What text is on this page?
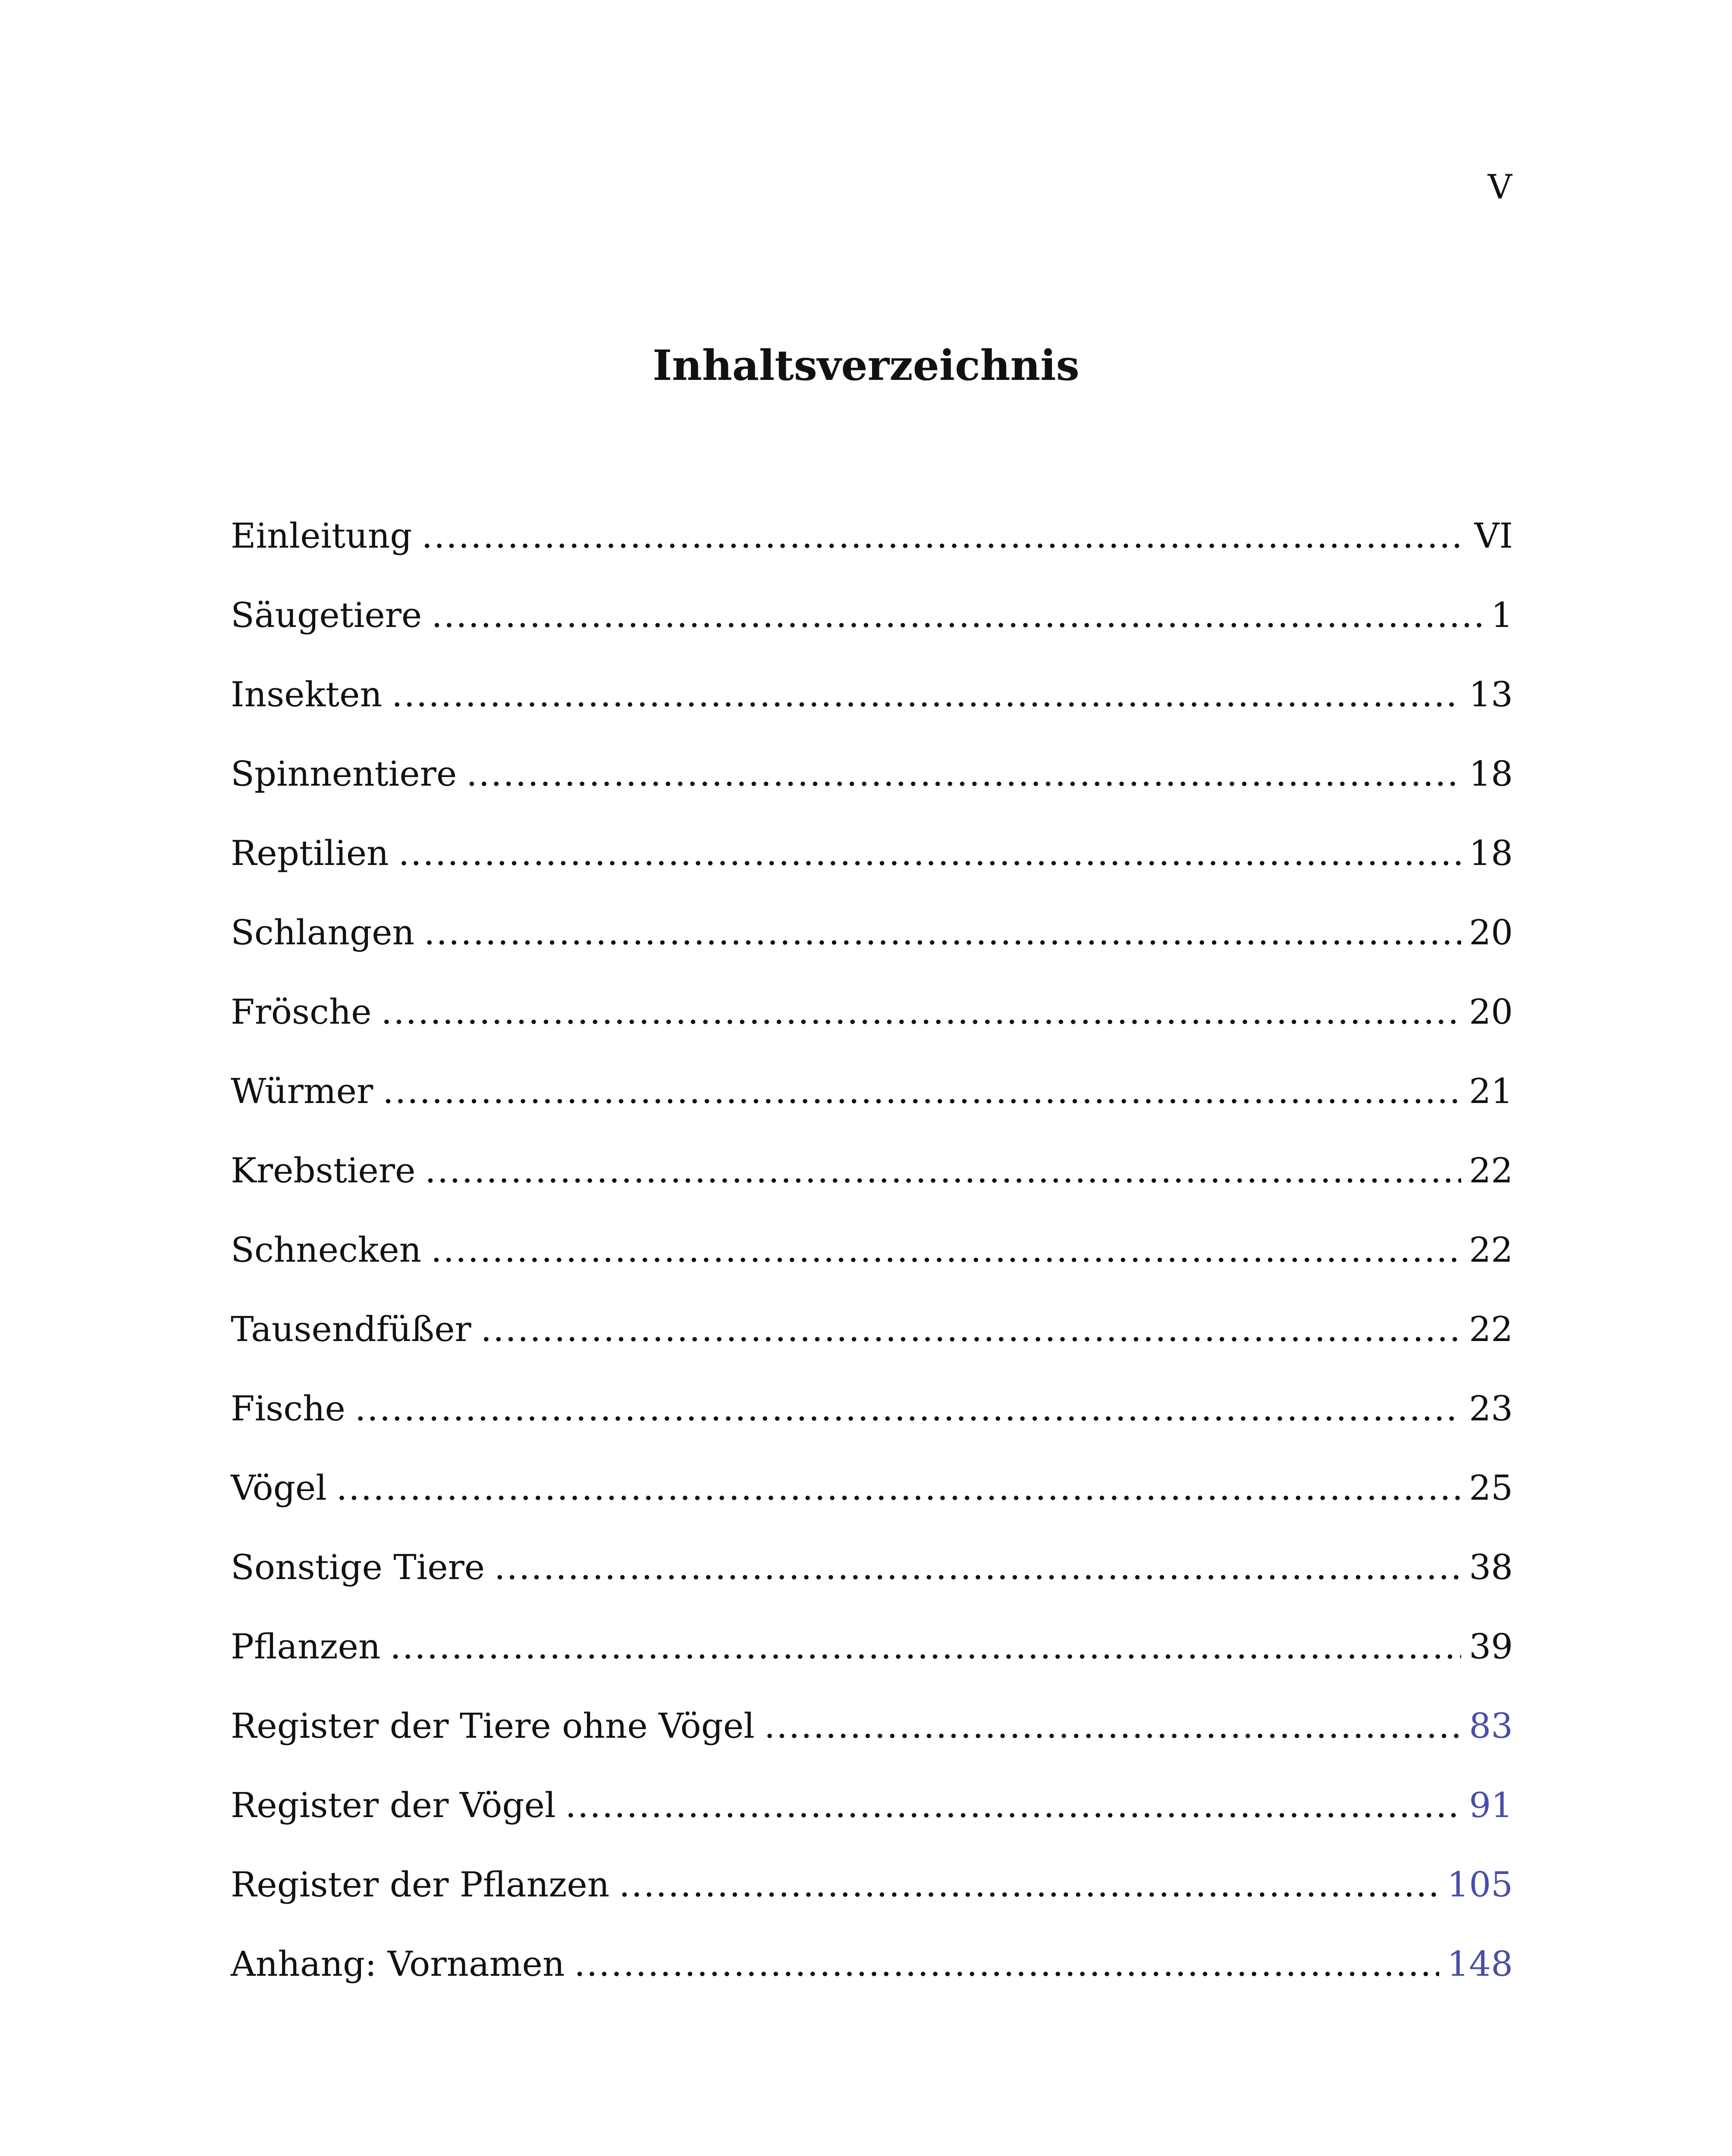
V
Inhaltsverzeichnis
Einleitung .....	VI
Säugetiere .....	1
Insekten .....	13
Spinnentiere .....	18
Reptilien .....	18
Schlangen .....	20
Frösche .....	20
Würmer .....	21
Krebstiere .....	22
Schnecken .....	22
Tausendfüßer .....	22
Fische .....	23
Vögel .....	25
Sonstige Tiere .....	38
Pflanzen .....	39
Register der Tiere ohne Vögel .....	83
Register der Vögel .....	91
Register der Pflanzen .....	105
Anhang: Vornamen .....	148
